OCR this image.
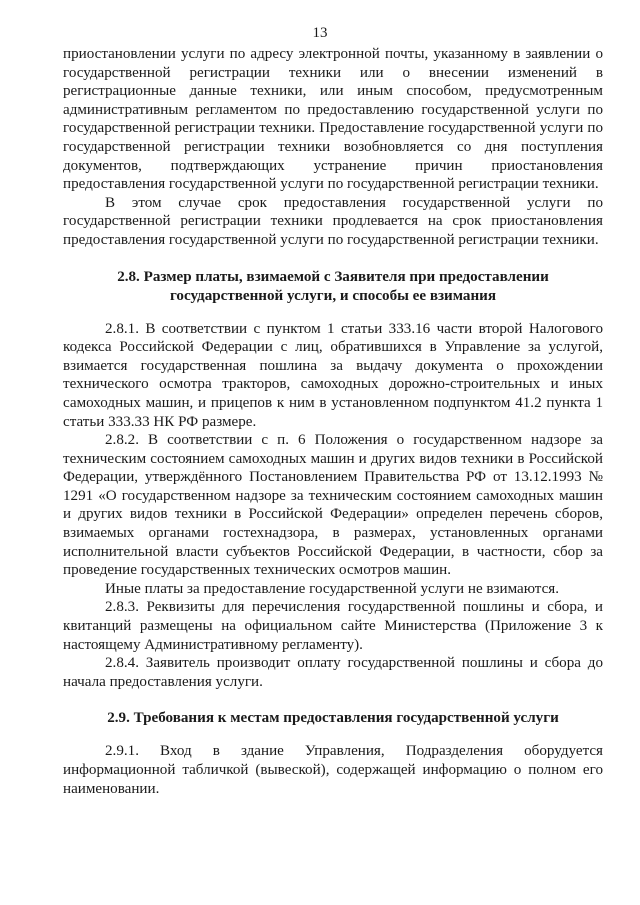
13

приостановлении услуги по адресу электронной почты, указанному в заявлении о государственной регистрации техники или о внесении изменений в регистрационные данные техники, или иным способом, предусмотренным административным регламентом по предоставлению государственной услуги по государственной регистрации техники. Предоставление государственной услуги по государственной регистрации техники возобновляется со дня поступления документов, подтверждающих устранение причин приостановления предоставления государственной услуги по государственной регистрации техники.

В этом случае срок предоставления государственной услуги по государственной регистрации техники продлевается на срок приостановления предоставления государственной услуги по государственной регистрации техники.

2.8. Размер платы, взимаемой с Заявителя при предоставлении государственной услуги, и способы ее взимания

2.8.1. В соответствии с пунктом 1 статьи 333.16 части второй Налогового кодекса Российской Федерации с лиц, обратившихся в Управление за услугой, взимается государственная пошлина за выдачу документа о прохождении технического осмотра тракторов, самоходных дорожно-строительных и иных самоходных машин, и прицепов к ним в установленном подпунктом 41.2 пункта 1 статьи 333.33 НК РФ размере.

2.8.2. В соответствии с п. 6 Положения о государственном надзоре за техническим состоянием самоходных машин и других видов техники в Российской Федерации, утверждённого Постановлением Правительства РФ от 13.12.1993 № 1291 «О государственном надзоре за техническим состоянием самоходных машин и других видов техники в Российской Федерации» определен перечень сборов, взимаемых органами гостехнадзора, в размерах, установленных органами исполнительной власти субъектов Российской Федерации, в частности, сбор за проведение государственных технических осмотров машин.

Иные платы за предоставление государственной услуги не взимаются.

2.8.3. Реквизиты для перечисления государственной пошлины и сбора, и квитанций размещены на официальном сайте Министерства (Приложение 3 к настоящему Административному регламенту).

2.8.4. Заявитель производит оплату государственной пошлины и сбора до начала предоставления услуги.

2.9. Требования к местам предоставления государственной услуги

2.9.1. Вход в здание Управления, Подразделения оборудуется информационной табличкой (вывеской), содержащей информацию о полном его наименовании.
